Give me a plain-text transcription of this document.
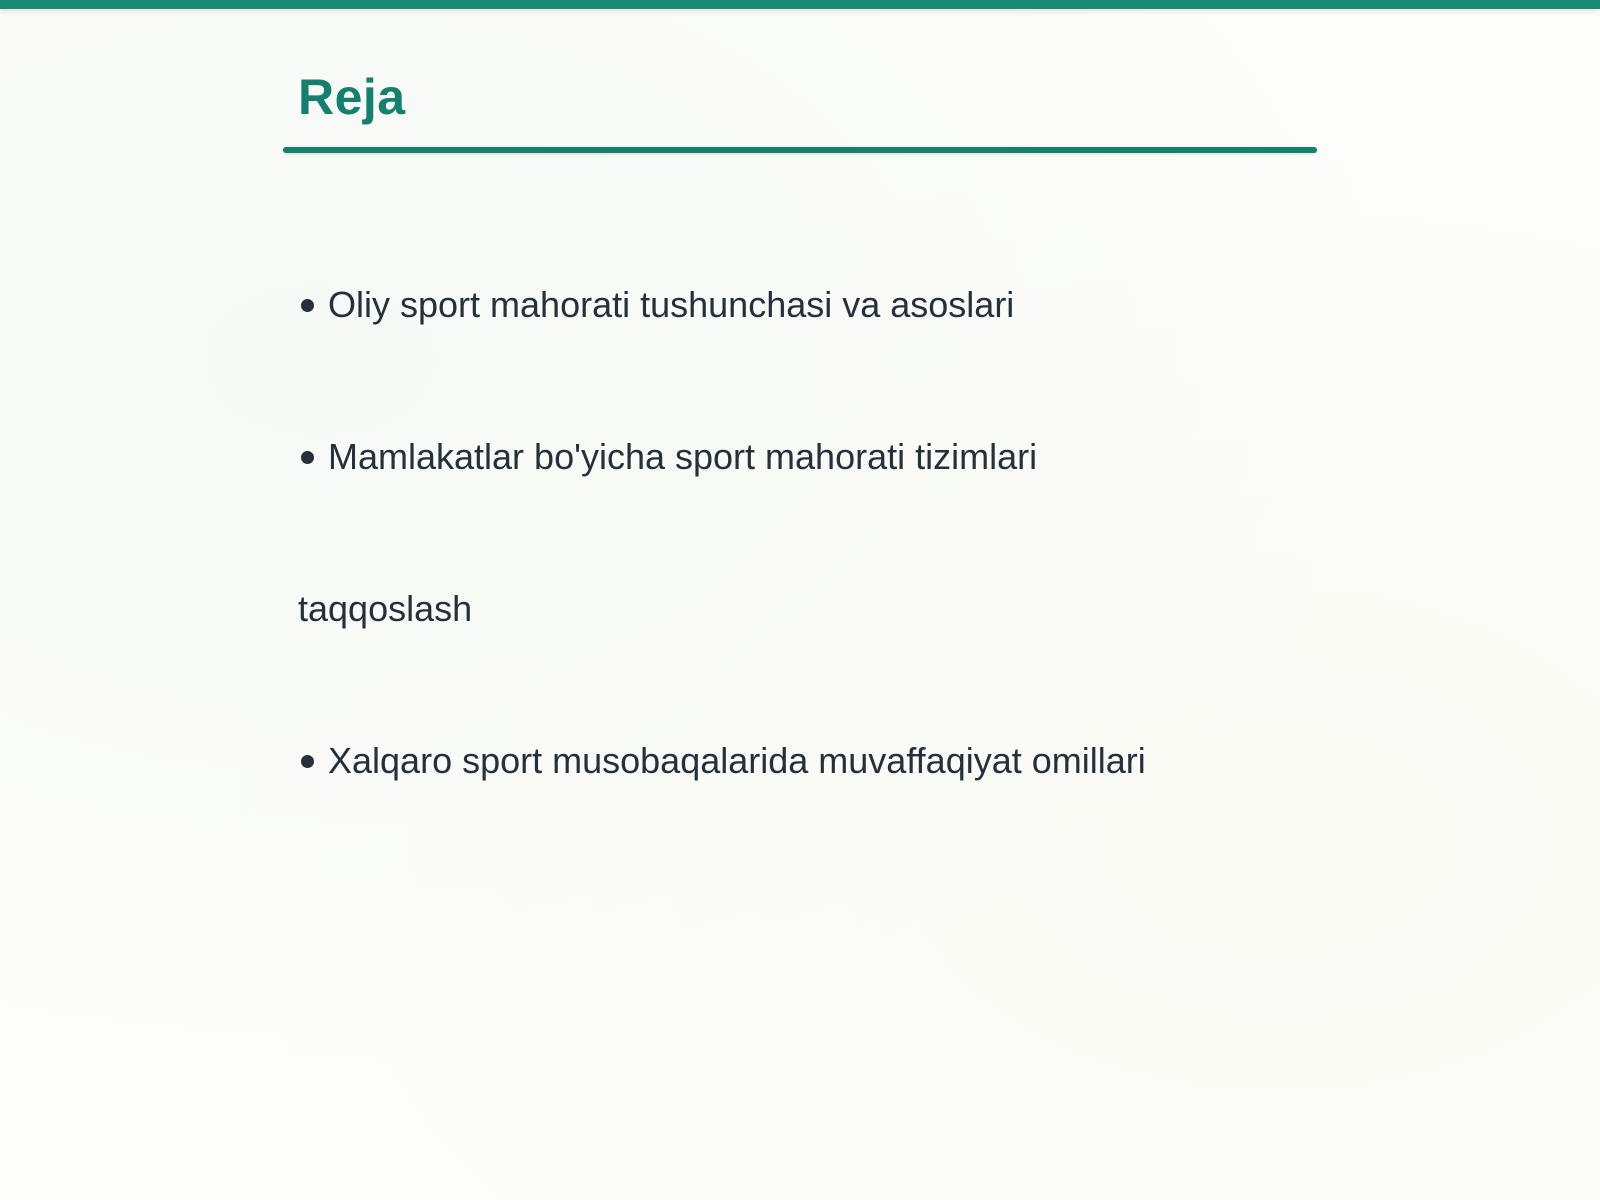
Reja
Oliy sport mahorati tushunchasi va asoslari
Mamlakatlar bo'yicha sport mahorati tizimlari
taqqoslash
Xalqaro sport musobaqalarida muvaffaqiyat omillari
